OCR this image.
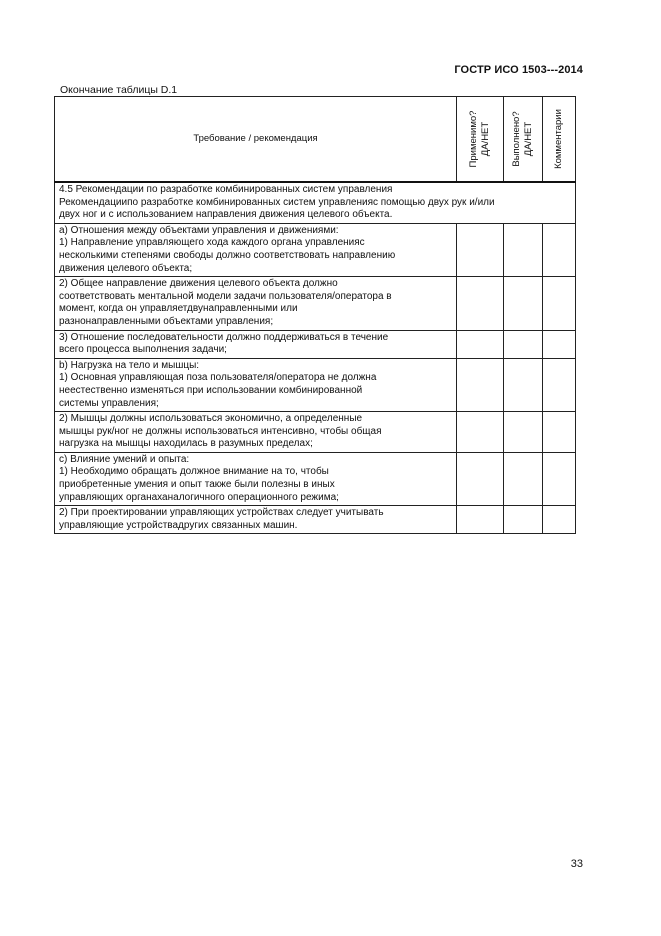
ГОСТР ИСО 1503---2014
Окончание таблицы D.1
Требование / рекомендация	Применимо? ДА/НЕТ	Выполнено? ДА/НЕТ	Комментарии

4.5 Рекомендации по разработке комбинированных систем управления
Рекомендациипо разработке комбинированных систем управленияс помощью двух рук и/или
двух ног и с использованием направления движения целевого объекта.			

а) Отношения между объектами управления и движениями:
1) Направление управляющего хода каждого органа управленияс
несколькими степенями свободы должно соответствовать направлению
движения целевого объекта;			

2) Общее направление движения целевого объекта должно
соответствовать ментальной модели задачи пользователя/оператора в
момент, когда он управляетдвунаправленными или
разнонаправленными объектами управления;			

3) Отношение последовательности должно поддерживаться в течение
всего процесса выполнения задачи;			

b) Нагрузка на тело и мышцы:
1) Основная управляющая поза пользователя/оператора не должна
неестественно изменяться при использовании комбинированной
системы управления;			

2) Мышцы должны использоваться экономично, а определенные
мышцы рук/ног не должны использоваться интенсивно, чтобы общая
нагрузка на мышцы находилась в разумных пределах;			

с) Влияние умений и опыта:
1) Необходимо обращать должное внимание на то, чтобы
приобретенные умения и опыт также были полезны в иных
управляющих органаханалогичного операционного режима;			

2) При проектировании управляющих устройствах следует учитывать
управляющие устройствадругих связанных машин.			

33
